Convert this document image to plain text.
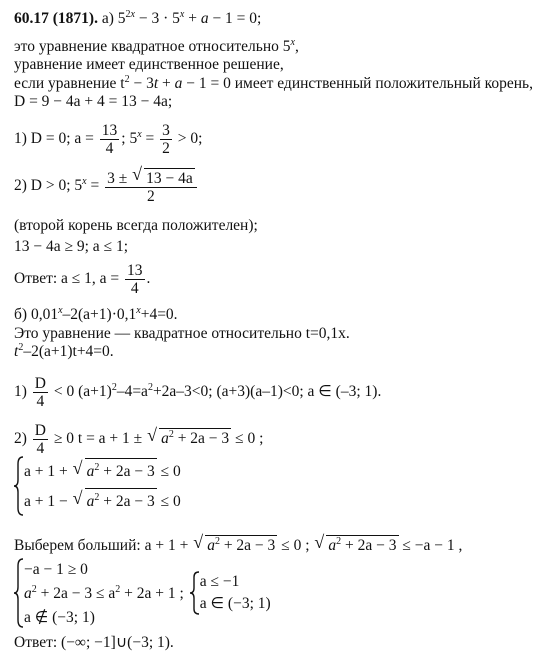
60.17 (1871). а) $5^{2x} - 3 \cdot 5^x + a - 1 = 0$;
это уравнение квадратное относительно 5$^x$,
уравнение имеет единственное решение,
если уравнение $t^2 - 3t + a - 1 = 0$ имеет единственный положительный корень,
D = 9 − 4a + 4 = 13 − 4a;
1) D = 0; $a = \frac{13}{4}$ ; $5^x = \frac{3}{2} > 0$;
2) D > 0; $5^x = \frac{3 \pm √ 13 - 4a}{2}$
(второй корень всегда положителен);
13 − 4a ≥ 9; a ≤ 1;
Ответ: a ≤ 1, $a = \frac{13}{4}$ .
б) $0,01^x-2(a+1)\cdot 0,1^x+4=0$.
Это уравнение — квадратное относительно t=0,1x.
$t^2-2(a+1)t+4=0$.
$1) \frac{D}{4} < 0$ $(a+1)^2-4=a^2+2a-3<0$; (a+3)(a–1)<0; a ∈ (–3; 1).
$2) \frac{D}{4} \ge 0$ t = a + 1 ± √ $a^2 + 2a - 3 \le 0$ ;
a + 1 + √ $a^2 + 2a - 3 \le 0$
a + 1 − √ $a^2 + 2a - 3 \le 0$
Выберем больший: a + 1 + √ $a^2 + 2a - 3 \le 0$ ; √ $a^2 + 2a - 3 \le -a - 1$ ,
−a − 1 ≥ 0
$a^2 + 2a - 3 \le a^2 + 2a + 1$ ;
a ∉ (−3; 1)
a ≤ −1
a ∈ (−3; 1)
Ответ: (−∞; −1]∪(−3; 1).
